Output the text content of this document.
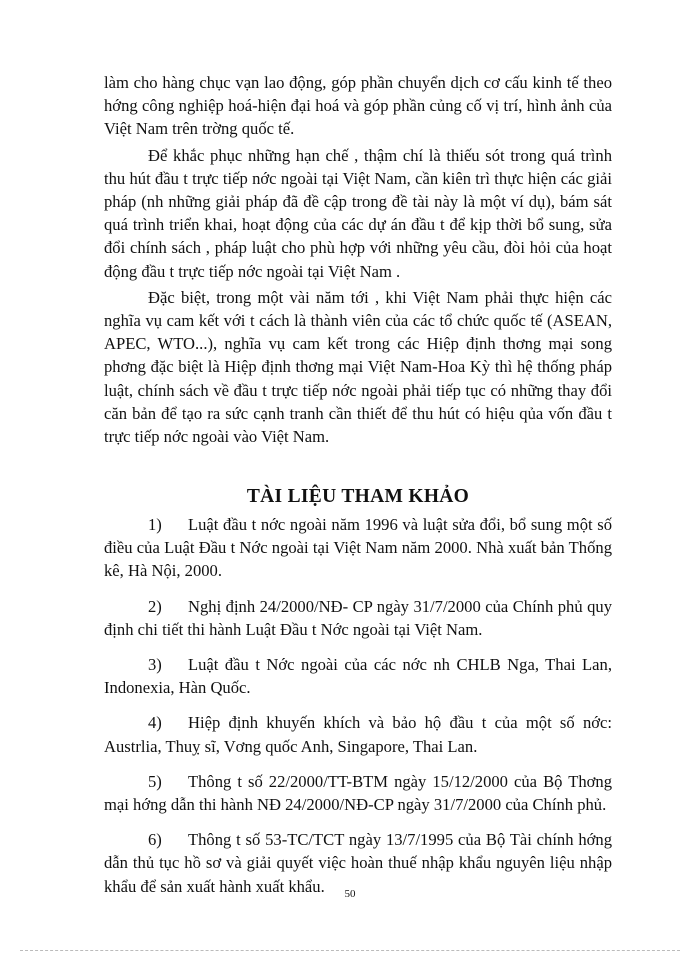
làm cho hàng chục vạn lao động, góp phần chuyển dịch cơ cấu kinh tế theo hớng công nghiệp hoá-hiện đại hoá và góp phần củng cố vị trí, hình ảnh của Việt Nam trên trờng quốc tế.

Để khắc phục những hạn chế , thậm chí là thiếu sót trong quá trình thu hút đầu t trực tiếp nớc ngoài tại Việt Nam, cần kiên trì thực hiện các giải pháp (nh những giải pháp đã đề cập trong đề tài này là một ví dụ), bám sát quá trình triển khai, hoạt động của các dự án đầu t để kịp thời bổ sung, sửa đổi chính sách , pháp luật cho phù hợp với những yêu cầu, đòi hỏi của hoạt động đầu t trực tiếp nớc ngoài tại Việt Nam .

Đặc biệt, trong một vài năm tới , khi Việt Nam phải thực hiện các nghĩa vụ cam kết với t cách là thành viên của các tổ chức quốc tế (ASEAN, APEC, WTO...), nghĩa vụ cam kết trong các Hiệp định thơng mại song phơng đặc biệt là Hiệp định thơng mại Việt Nam-Hoa Kỳ thì hệ thống pháp luật, chính sách về đầu t trực tiếp nớc ngoài phải tiếp tục có những thay đổi căn bản để tạo ra sức cạnh tranh cần thiết để thu hút có hiệu qủa vốn đầu t trực tiếp nớc ngoài vào Việt Nam.

TÀI LIỆU THAM KHẢO
1) Luật đầu t nớc ngoài năm 1996 và luật sửa đổi, bổ sung một số điều của Luật Đầu t Nớc ngoài tại Việt Nam năm 2000. Nhà xuất bản Thống kê, Hà Nội, 2000.
2) Nghị định 24/2000/NĐ- CP ngày 31/7/2000 của Chính phủ quy định chi tiết thi hành Luật Đầu t Nớc ngoài tại Việt Nam.
3) Luật đầu t Nớc ngoài của các nớc nh CHLB Nga, Thai Lan, Indonexia, Hàn Quốc.
4) Hiệp định khuyến khích và bảo hộ đầu t của một số nớc: Austrlia, Thuỵ sĩ, Vơng quốc Anh, Singapore, Thai Lan.
5) Thông t số 22/2000/TT-BTM ngày 15/12/2000 của Bộ Thơng mại hớng dẫn thi hành NĐ 24/2000/NĐ-CP ngày 31/7/2000 của Chính phủ.
6) Thông t số 53-TC/TCT ngày 13/7/1995 của Bộ Tài chính hớng dẫn thủ tục hồ sơ và giải quyết việc hoàn thuế nhập khẩu nguyên liệu nhập khẩu để sản xuất hành xuất khẩu.	50
